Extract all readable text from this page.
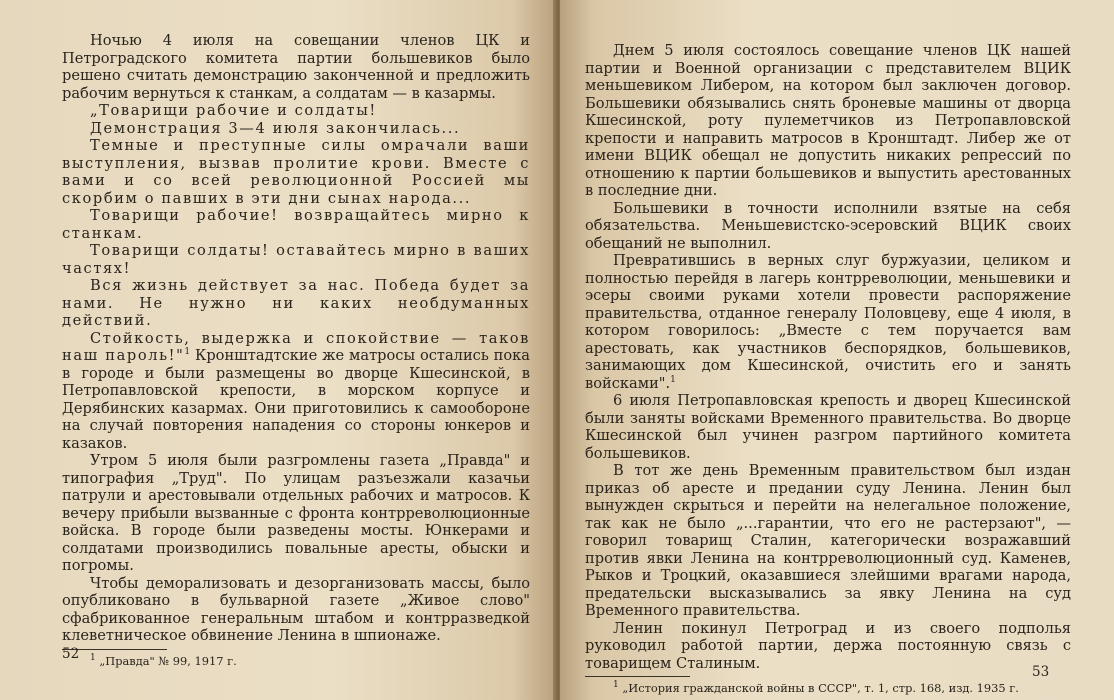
Ночью 4 июля на совещании членов ЦК и Петроградского комитета партии большевиков было решено считать демонстрацию законченной и предложить рабочим вернуться к станкам, а солдатам — в казармы.

„Товарищи рабочие и солдаты!

Демонстрация 3—4 июля закончилась...

Темные и преступные силы омрачали ваши выступления, вызвав пролитие крови. Вместе с вами и со всей революционной Россией мы скорбим о павших в эти дни сынах народа...

Товарищи рабочие! возвращайтесь мирно к станкам.

Товарищи солдаты! оставайтесь мирно в ваших частях!

Вся жизнь действует за нас. Победа будет за нами. Не нужно ни каких необдуманных действий.

Стойкость, выдержка и спокойствие — таков наш пароль!"$^1$ Кронштадтские же матросы остались пока в городе и были размещены во дворце Кшесинской, в Петропавловской крепости, в морском корпусе и Дерябинских казармах. Они приготовились к самообороне на случай повторения нападения со стороны юнкеров и казаков.

Утром 5 июля были разгромлены газета „Правда" и типография „Труд". По улицам разъезжали казачьи патрули и арестовывали отдельных рабочих и матросов. К вечеру прибыли вызванные с фронта контрреволюционные войска. В городе были разведены мосты. Юнкерами и солдатами производились повальные аресты, обыски и погромы.

Чтобы деморализовать и дезорганизовать массы, было опубликовано в бульварной газете „Живое слово" сфабрикованное генеральным штабом и контрразведкой клеветническое обвинение Ленина в шпионаже.

$^1$ „Правда" № 99, 1917 г.

52

Днем 5 июля состоялось совещание членов ЦК нашей партии и Военной организации с представителем ВЦИК меньшевиком Либером, на котором был заключен договор. Большевики обязывались снять броневые машины от дворца Кшесинской, роту пулеметчиков из Петропавловской крепости и направить матросов в Кронштадт. Либер же от имени ВЦИК обещал не допустить никаких репрессий по отношению к партии большевиков и выпустить арестованных в последние дни.

Большевики в точности исполнили взятые на себя обязательства. Меньшевистско-эсеровский ВЦИК своих обещаний не выполнил.

Превратившись в верных слуг буржуазии, целиком и полностью перейдя в лагерь контрреволюции, меньшевики и эсеры своими руками хотели провести распоряжение правительства, отданное генералу Половцеву, еще 4 июля, в котором говорилось: „Вместе с тем поручается вам арестовать, как участников беспорядков, большевиков, занимающих дом Кшесинской, очистить его и занять войсками".$^1$

6 июля Петропавловская крепость и дворец Кшесинской были заняты войсками Временного правительства. Во дворце Кшесинской был учинен разгром партийного комитета большевиков.

В тот же день Временным правительством был издан приказ об аресте и предании суду Ленина. Ленин был вынужден скрыться и перейти на нелегальное положение, так как не было „...гарантии, что его не растерзают", — говорил товарищ Сталин, категорически возражавший против явки Ленина на контрреволюционный суд. Каменев, Рыков и Троцкий, оказавшиеся злейшими врагами народа, предательски высказывались за явку Ленина на суд Временного правительства.

Ленин покинул Петроград и из своего подполья руководил работой партии, держа постоянную связь с товарищем Сталиным.

$^1$ „История гражданской войны в СССР", т. 1, стр. 168, изд. 1935 г.

53
